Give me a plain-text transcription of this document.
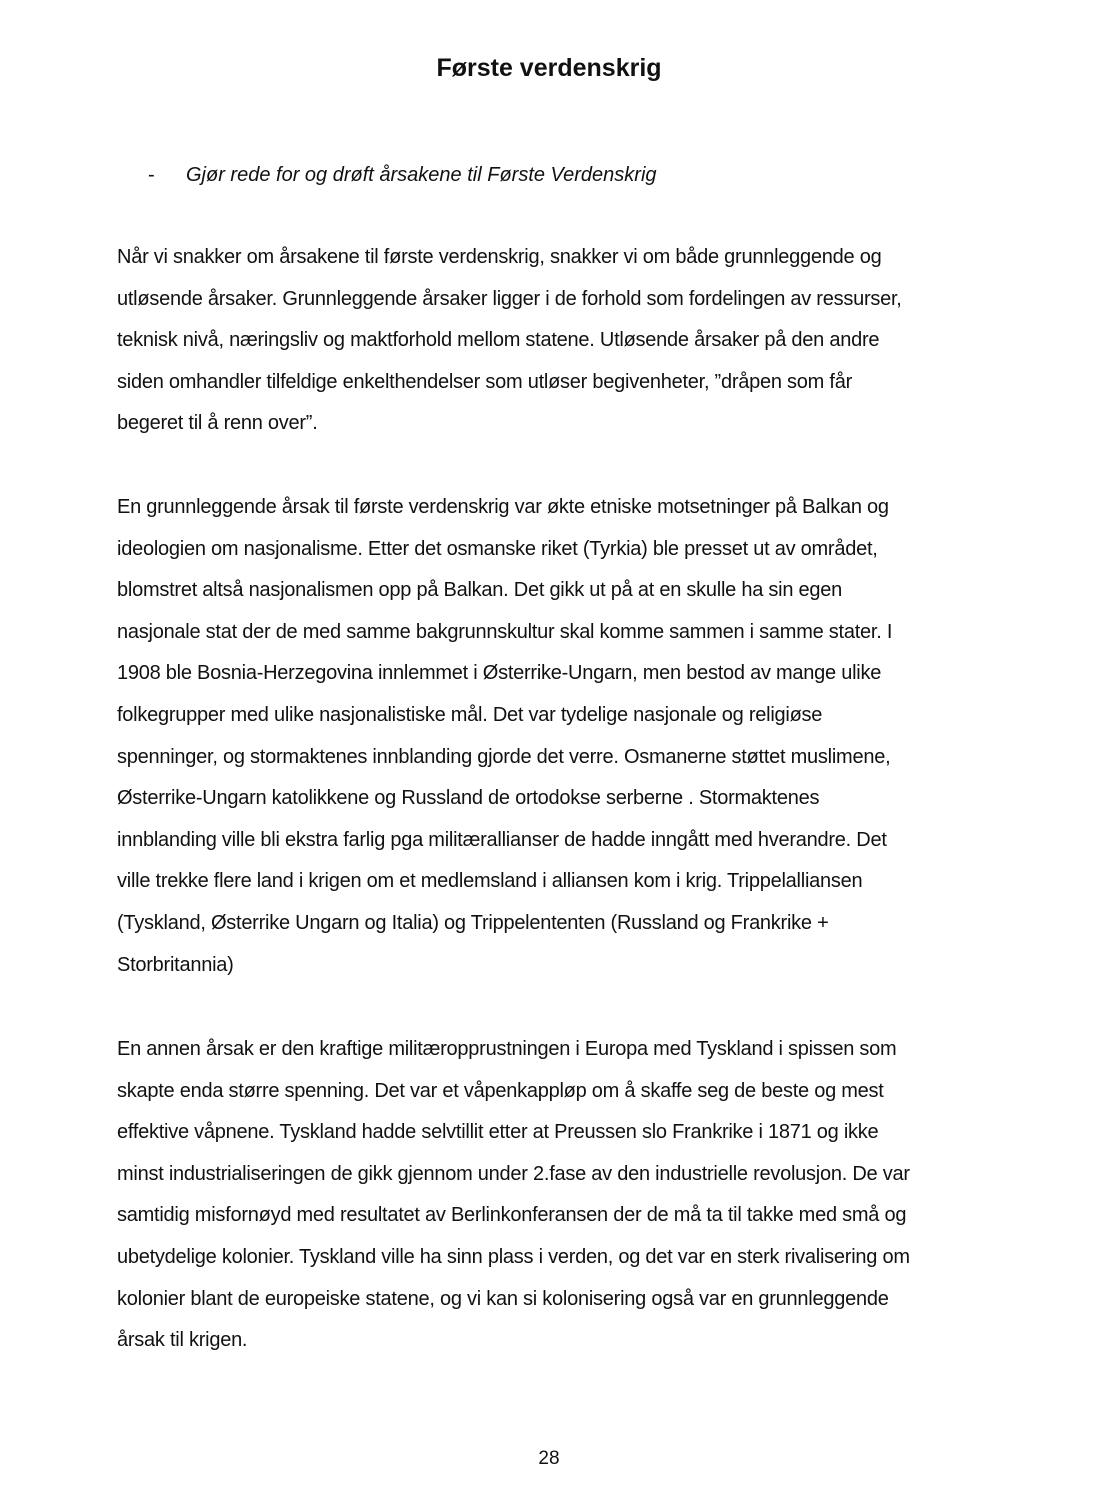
Første verdenskrig
- Gjør rede for og drøft årsakene til Første Verdenskrig

Når vi snakker om årsakene til første verdenskrig, snakker vi om både grunnleggende og
utløsende årsaker. Grunnleggende årsaker ligger i de forhold som fordelingen av ressurser,
teknisk nivå, næringsliv og maktforhold mellom statene. Utløsende årsaker på den andre
siden omhandler tilfeldige enkelthendelser som utløser begivenheter, ”dråpen som får
begeret til å renn over”.

En grunnleggende årsak til første verdenskrig var økte etniske motsetninger på Balkan og
ideologien om nasjonalisme. Etter det osmanske riket (Tyrkia) ble presset ut av området,
blomstret altså nasjonalismen opp på Balkan. Det gikk ut på at en skulle ha sin egen
nasjonale stat der de med samme bakgrunnskultur skal komme sammen i samme stater. I
1908 ble Bosnia-Herzegovina innlemmet i Østerrike-Ungarn, men bestod av mange ulike
folkegrupper med ulike nasjonalistiske mål. Det var tydelige nasjonale og religiøse
spenninger, og stormaktenes innblanding gjorde det verre. Osmanerne støttet muslimene,
Østerrike-Ungarn katolikkene og Russland de ortodokse serberne . Stormaktenes
innblanding ville bli ekstra farlig pga militærallianser de hadde inngått med hverandre. Det
ville trekke flere land i krigen om et medlemsland i alliansen kom i krig. Trippelalliansen
(Tyskland, Østerrike Ungarn og Italia) og Trippelententen (Russland og Frankrike +
Storbritannia)

En annen årsak er den kraftige militæropprustningen i Europa med Tyskland i spissen som
skapte enda større spenning. Det var et våpenkappløp om å skaffe seg de beste og mest
effektive våpnene. Tyskland hadde selvtillit etter at Preussen slo Frankrike i 1871 og ikke
minst industrialiseringen de gikk gjennom under 2.fase av den industrielle revolusjon. De var
samtidig misfornøyd med resultatet av Berlinkonferansen der de må ta til takke med små og
ubetydelige kolonier. Tyskland ville ha sinn plass i verden, og det var en sterk rivalisering om
kolonier blant de europeiske statene, og vi kan si kolonisering også var en grunnleggende
årsak til krigen.

28
